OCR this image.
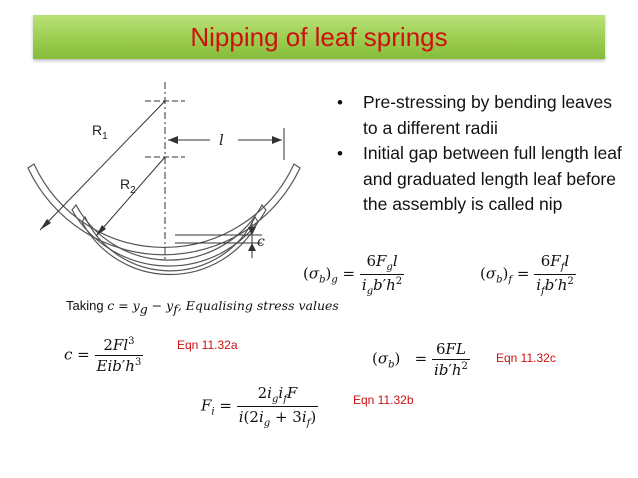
Nipping of leaf springs
$R_1$
$R_2$
l
c
• Pre-stressing by bending leaves to a different radii
• Initial gap between full length leaf and graduated length leaf before the assembly is called nip
$(\sigma_b)_g = \frac{6F_gl}{i_gb'h^2}$	$(\sigma_b)_f = \frac{6F_fl}{i_fb'h^2}$
Taking $c = y_g - y_f$, Equalising stress values
$c = \frac{2Fl^3}{Eib'h^3}$	Eqn 11.32a
$(\sigma_b) = \frac{6FL}{ib'h^2}$ Eqn 11.32c
$F_i = \frac{2i_gi_fF}{i(2i_g + 3i_f)}$	Eqn 11.32b
